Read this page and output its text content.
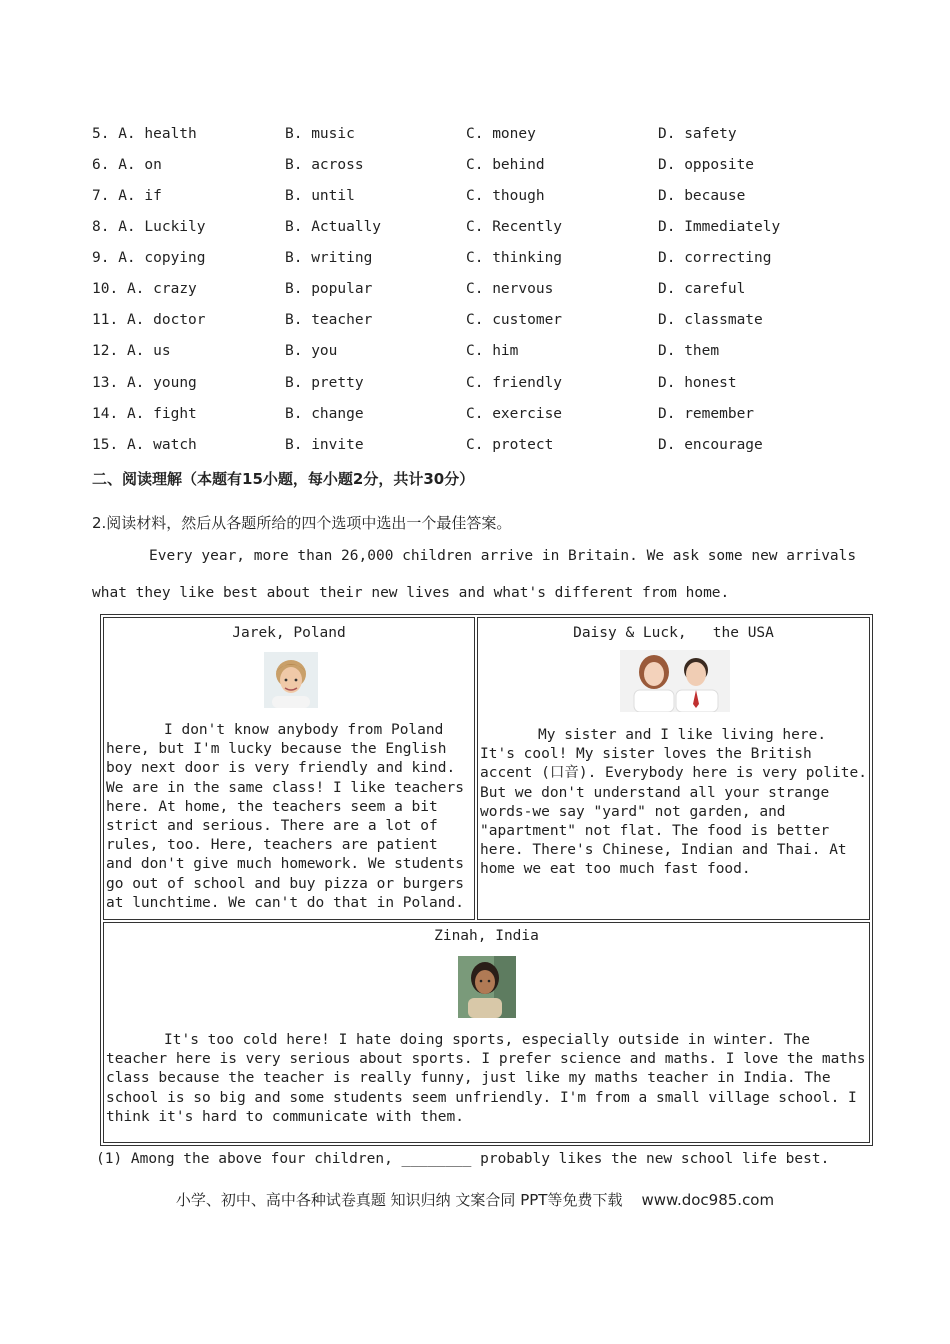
5. A. health	B. music	C. money	D. safety
6. A. on	B. across	C. behind	D. opposite
7. A. if	B. until	C. though	D. because
8. A. Luckily	B. Actually	C. Recently	D. Immediately
9. A. copying	B. writing	C. thinking	D. correcting
10. A. crazy	B. popular	C. nervous	D. careful
11. A. doctor	B. teacher	C. customer	D. classmate
12. A. us	B. you	C. him	D. them
13. A. young	B. pretty	C. friendly	D. honest
14. A. fight	B. change	C. exercise	D. remember
15. A. watch	B. invite	C. protect	D. encourage
二、阅读理解（本题有15小题，每小题2分，共计30分）
2.阅读材料，然后从各题所给的四个选项中选出一个最佳答案。
Every year, more than 26,000 children arrive in Britain. We ask some new arrivals
what they like best about their new lives and what's different from home.
Jarek, Poland
I don't know anybody from Poland here, but I'm lucky because the English boy next door is very friendly and kind. We are in the same class! I like teachers here. At home, the teachers seem a bit strict and serious. There are a lot of rules, too. Here, teachers are patient and don't give much homework. We students go out of school and buy pizza or burgers at lunchtime. We can't do that in Poland.
Daisy & Luck,   the USA
My sister and I like living here. It's cool! My sister loves the British accent (口音). Everybody here is very polite. But we don't understand all your strange words-we say "yard" not garden, and "apartment" not flat. The food is better here. There's Chinese, Indian and Thai. At home we eat too much fast food.
Zinah, India
It's too cold here! I hate doing sports, especially outside in winter. The teacher here is very serious about sports. I prefer science and maths. I love the maths class because the teacher is really funny, just like my maths teacher in India. The school is so big and some students seem unfriendly. I'm from a small village school. I think it's hard to communicate with them.
(1) Among the above four children, ________ probably likes the new school life best.
小学、初中、高中各种试卷真题 知识归纳 文案合同 PPT等免费下载    www.doc985.com
